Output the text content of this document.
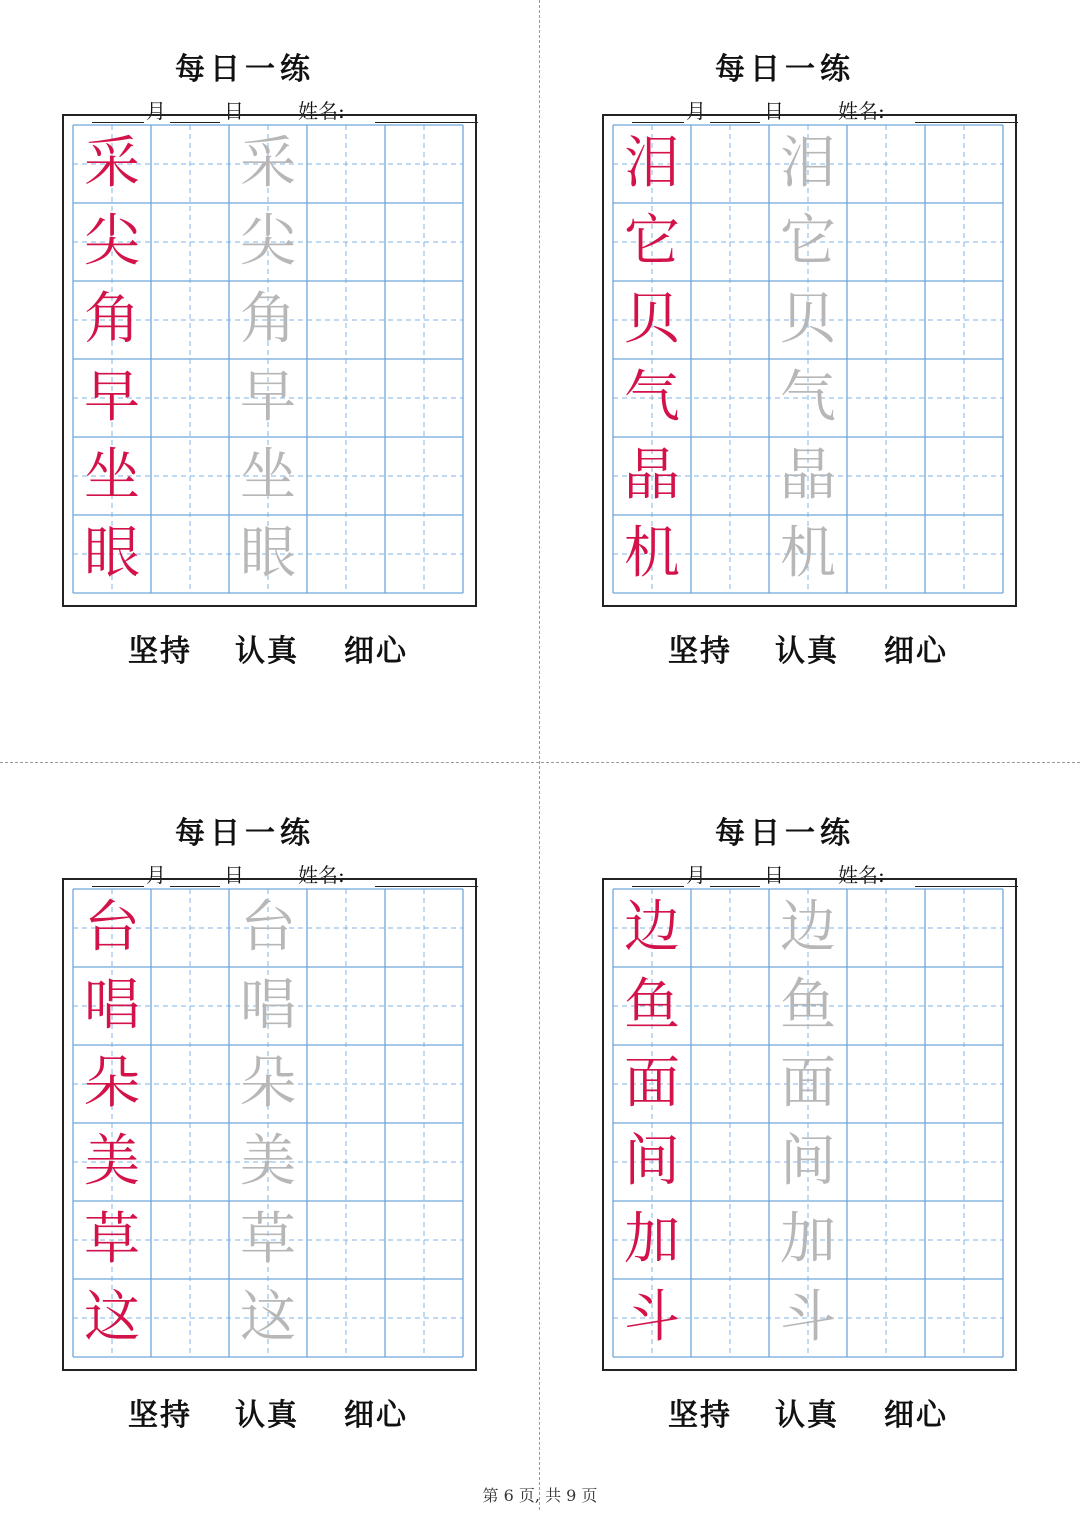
每日一练
月	日	姓名:
采 采
尖 尖
角 角
早 早
坐 坐
眼 眼
坚持 认真 细心
每日一练
月	日	姓名:
泪 泪
它 它
贝 贝
气 气
晶 晶
机 机
坚持 认真 细心
每日一练
月	日	姓名:
台 台
唱 唱
朵 朵
美 美
草 草
这 这
坚持 认真 细心
每日一练
月	日	姓名:
边 边
鱼 鱼
面 面
间 间
加 加
斗 斗
坚持 认真 细心
第 6 页, 共 9 页
